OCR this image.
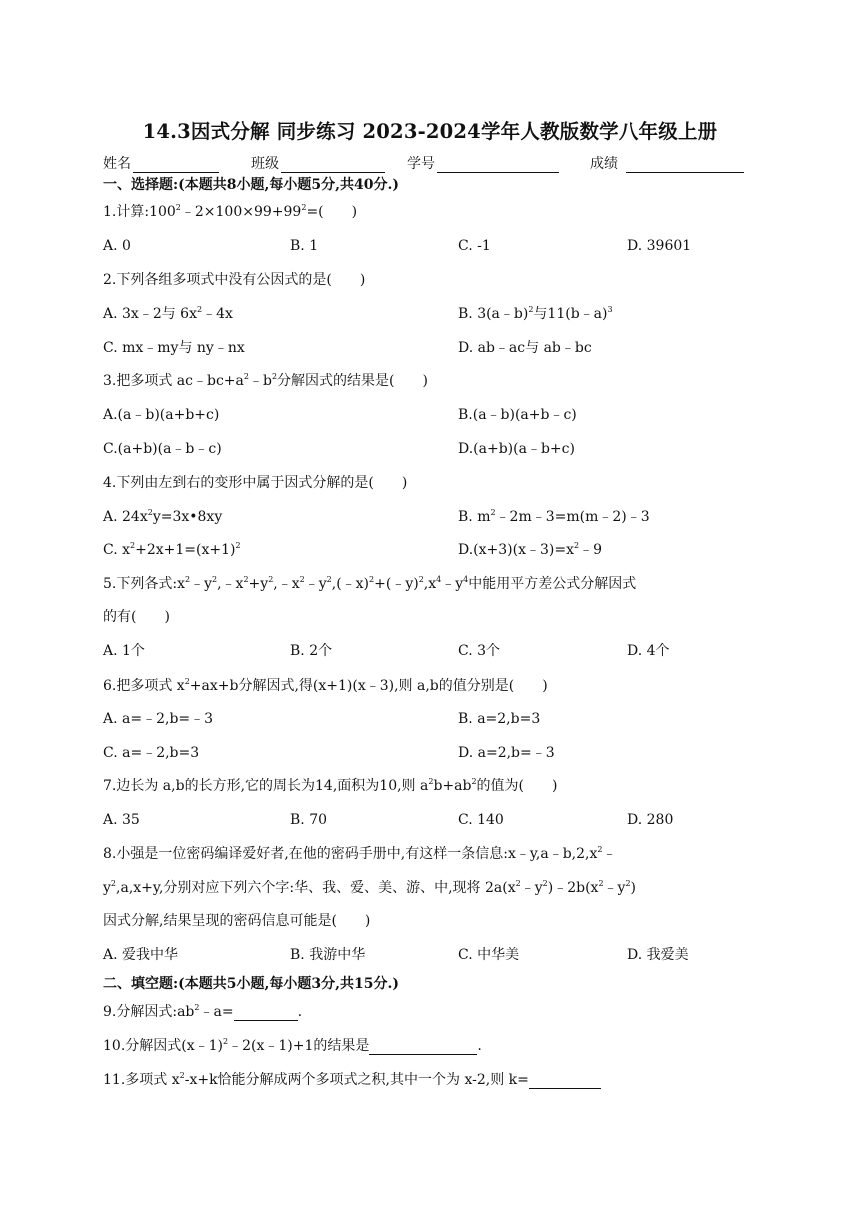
14.3因式分解 同步练习 2023-2024学年人教版数学八年级上册
姓名	班级	学号	成绩
一、选择题:(本题共8小题,每小题5分,共40分.)
1.计算$:100^2﹣2\times 100\times 99+99^2=$(　　)
A. 0	B. 1	C. -1	D. 39601
2.下列各组多项式中没有公因式的是(　　)
A. 3x﹣2与 $6x^2﹣4x$	B. 3(a﹣b)$^2$与11(b﹣a)$^3$
C. mx﹣my与 ny﹣nx	D. ab﹣ac与 ab﹣bc
3.把多项式 $ac﹣bc+a^2﹣b^2$分解因式的结果是(　　)
A.(a﹣b)(a+b+c)	B.(a﹣b)(a+b﹣c)
C.(a+b)(a﹣b﹣c)	D.(a+b)(a﹣b+c)
4.下列由左到右的变形中属于因式分解的是(　　)
A. $24x^2y=3x•8xy$	B. $m^2﹣2m﹣3=m(m﹣2)﹣3$
C. $x^2+2x+1=(x+1)^2$	$D.(x+3)(x﹣3)=x^2﹣9$
5.下列各式$:x^2﹣y^2,﹣x^2+y^2,﹣x^2﹣y^2,(﹣x)^2+(﹣y)^2,x^4﹣y^4$中能用平方差公式分解因式
的有(　　)
A. 1个	B. 2个	C. 3个	D. 4个
6.把多项式 $x^2+ax+b$分解因式,得(x+1)(x﹣3),则 a,b的值分别是(　　)
A. a=﹣2,b=﹣3	B. a=2,b=3
C. a=﹣2,b=3	D. a=2,b=﹣3
7.边长为 a,b的长方形,它的周长为14,面积为10,则 $a^2b+ab^2$的值为(　　)
A. 35	B. 70	C. 140	D. 280
8.小强是一位密码编译爱好者,在他的密码手册中,有这样一条信息$:x﹣y,a﹣b,2,x^2﹣$
$y^2,a,x+y$,分别对应下列六个字:华、我、爱、美、游、中,现将 $2a(x^2﹣y^2)﹣2b(x^2﹣y^2)$
因式分解,结果呈现的密码信息可能是(　　)
A. 爱我中华	B. 我游中华	C. 中华美	D. 我爱美
二、填空题:(本题共5小题,每小题3分,共15分.)
9.分解因式$:ab^2﹣a=$	.
10.分解因式(x﹣1)$^2$﹣2(x﹣1)+1的结果是	.
11.多项式 $x^2-x+k$恰能分解成两个多项式之积,其中一个为 x-2,则 k=
